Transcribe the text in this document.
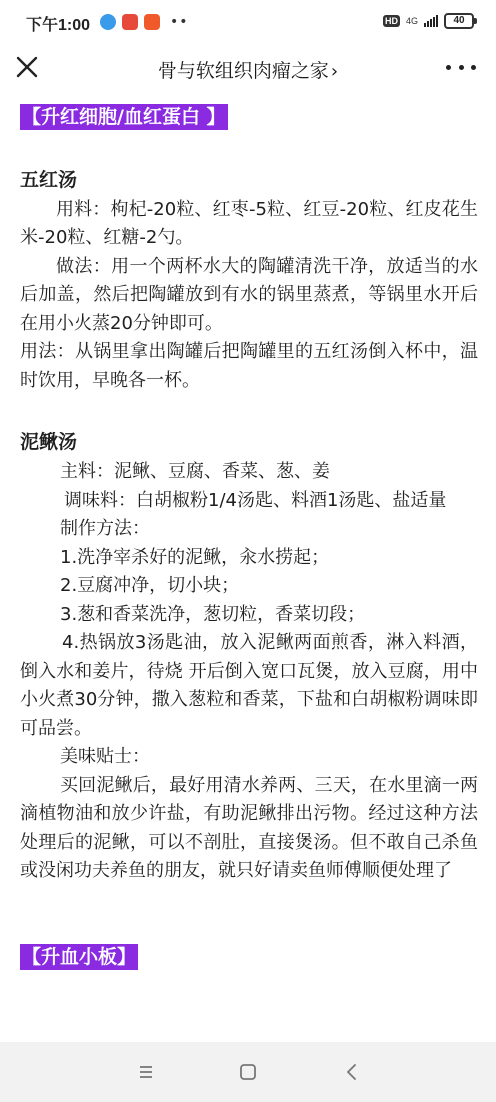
下午1:00	••	HD 4G	40
骨与软组织肉瘤之家 ›
【升红细胞/血红蛋白 】
五红汤
用料：枸杞-20粒、红枣-5粒、红豆-20粒、红皮花生米-20粒、红糖-2勺。
做法：用一个两杯水大的陶罐清洗干净，放适当的水后加盖，然后把陶罐放到有水的锅里蒸煮，等锅里水开后在用小火蒸20分钟即可。
用法：从锅里拿出陶罐后把陶罐里的五红汤倒入杯中，温时饮用，早晚各一杯。
泥鳅汤
主料：泥鳅、豆腐、香菜、葱、姜
调味料：白胡椒粉1/4汤匙、料酒1汤匙、盐适量
制作方法：
1.洗净宰杀好的泥鳅，汆水捞起；
2.豆腐冲净，切小块；
3.葱和香菜洗净，葱切粒，香菜切段；
4.热锅放3汤匙油，放入泥鳅两面煎香，淋入料酒，倒入水和姜片，待烧 开后倒入宽口瓦煲，放入豆腐，用中小火煮30分钟，撒入葱粒和香菜，下盐和白胡椒粉调味即可品尝。
美味贴士：
买回泥鳅后，最好用清水养两、三天，在水里滴一两滴植物油和放少许盐，有助泥鳅排出污物。经过这种方法处理后的泥鳅，可以不剖肚，直接煲汤。但不敢自己杀鱼或没闲功夫养鱼的朋友，就只好请卖鱼师傅顺便处理了
【升血小板】
